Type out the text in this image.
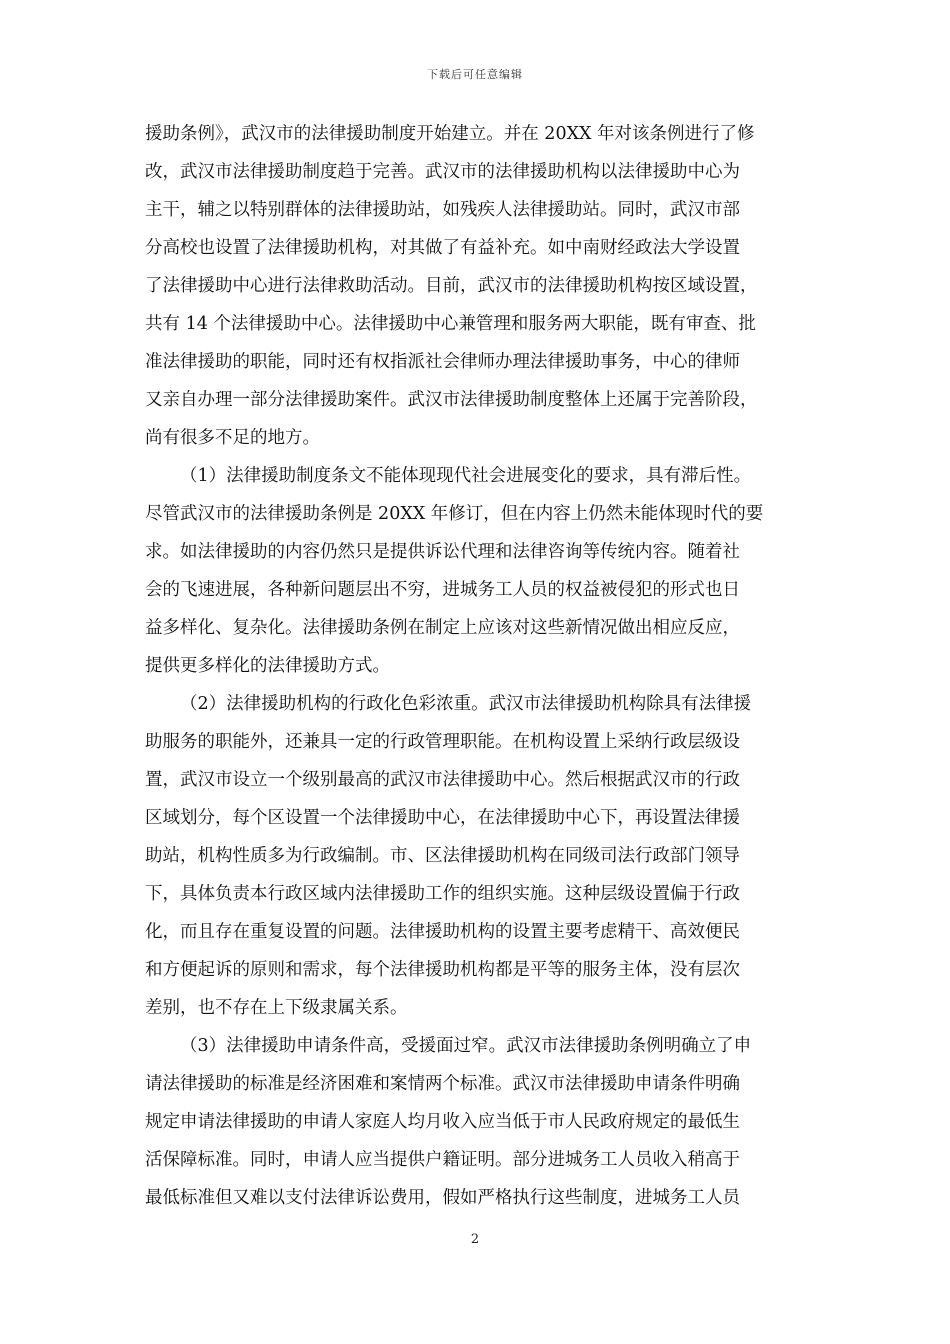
下载后可任意编辑
援助条例》，武汉市的法律援助制度开始建立。并在 20XX 年对该条例进行了修
改，武汉市法律援助制度趋于完善。武汉市的法律援助机构以法律援助中心为
主干，辅之以特别群体的法律援助站，如残疾人法律援助站。同时，武汉市部
分高校也设置了法律援助机构，对其做了有益补充。如中南财经政法大学设置
了法律援助中心进行法律救助活动。目前，武汉市的法律援助机构按区域设置，
共有 14 个法律援助中心。法律援助中心兼管理和服务两大职能，既有审查、批
准法律援助的职能，同时还有权指派社会律师办理法律援助事务，中心的律师
又亲自办理一部分法律援助案件。武汉市法律援助制度整体上还属于完善阶段，
尚有很多不足的地方。
（1）法律援助制度条文不能体现现代社会进展变化的要求，具有滞后性。
尽管武汉市的法律援助条例是 20XX 年修订，但在内容上仍然未能体现时代的要
求。如法律援助的内容仍然只是提供诉讼代理和法律咨询等传统内容。随着社
会的飞速进展，各种新问题层出不穷，进城务工人员的权益被侵犯的形式也日
益多样化、复杂化。法律援助条例在制定上应该对这些新情况做出相应反应，
提供更多样化的法律援助方式。
（2）法律援助机构的行政化色彩浓重。武汉市法律援助机构除具有法律援
助服务的职能外，还兼具一定的行政管理职能。在机构设置上采纳行政层级设
置，武汉市设立一个级别最高的武汉市法律援助中心。然后根据武汉市的行政
区域划分，每个区设置一个法律援助中心，在法律援助中心下，再设置法律援
助站，机构性质多为行政编制。市、区法律援助机构在同级司法行政部门领导
下，具体负责本行政区域内法律援助工作的组织实施。这种层级设置偏于行政
化，而且存在重复设置的问题。法律援助机构的设置主要考虑精干、高效便民
和方便起诉的原则和需求，每个法律援助机构都是平等的服务主体，没有层次
差别，也不存在上下级隶属关系。
（3）法律援助申请条件高，受援面过窄。武汉市法律援助条例明确立了申
请法律援助的标准是经济困难和案情两个标准。武汉市法律援助申请条件明确
规定申请法律援助的申请人家庭人均月收入应当低于市人民政府规定的最低生
活保障标准。同时，申请人应当提供户籍证明。部分进城务工人员收入稍高于
最低标准但又难以支付法律诉讼费用，假如严格执行这些制度，进城务工人员
2
